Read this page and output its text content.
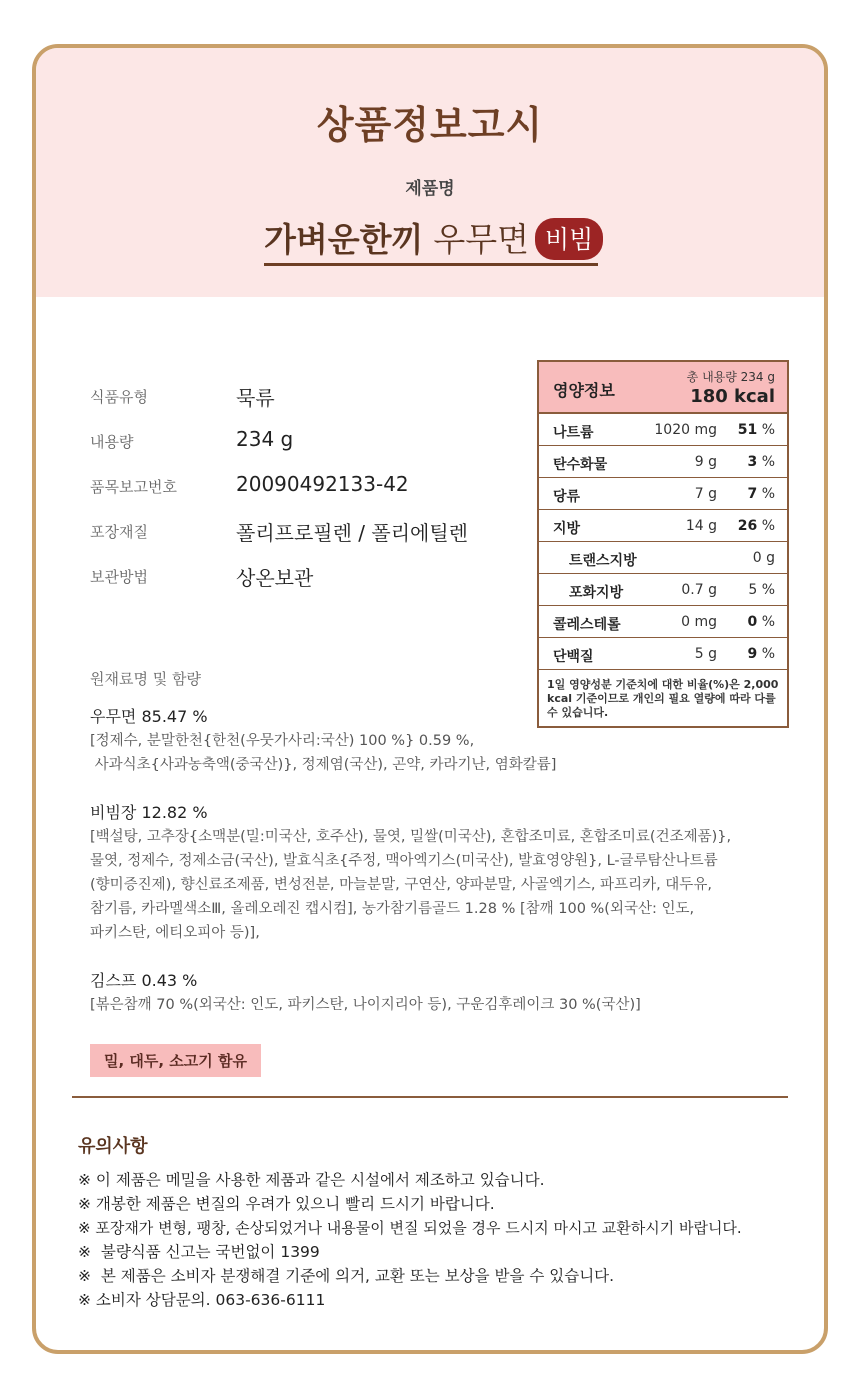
상품정보고시
제품명
가벼운한끼 우무면 비빔
식품유형	묵류
내용량	234 g
품목보고번호	20090492133-42
포장재질	폴리프로필렌 / 폴리에틸렌
보관방법	상온보관
영양정보
총 내용량 234 g
180 kcal
나트륨	1020 mg 51 %
탄수화물	9 g 3 %
당류	7 g 7 %
지방	14 g 26 %
트랜스지방	0 g
포화지방	0.7 g 5 %
콜레스테롤	0 mg 0 %
단백질	5 g 9 %
1일 영양성분 기준치에 대한 비율(%)은 2,000 kcal 기준이므로 개인의 필요 열량에 따라 다를 수 있습니다.
원재료명 및 함량
우무면 85.47 %
[정제수, 분말한천{한천(우뭇가사리:국산) 100 %} 0.59 %,
사과식초{사과농축액(중국산)}, 정제염(국산), 곤약, 카라기난, 염화칼륨]
비빔장 12.82 %
[백설탕, 고추장{소맥분(밀:미국산, 호주산), 물엿, 밀쌀(미국산), 혼합조미료, 혼합조미료(건조제품)},
물엿, 정제수, 정제소금(국산), 발효식초{주정, 맥아엑기스(미국산), 발효영양원}, L-글루탐산나트륨
(향미증진제), 향신료조제품, 변성전분, 마늘분말, 구연산, 양파분말, 사골엑기스, 파프리카, 대두유,
참기름, 카라멜색소Ⅲ, 올레오레진 캡시컴], 농가참기름골드 1.28 % [참깨 100 %(외국산: 인도,
파키스탄, 에티오피아 등)],
김스프 0.43 %
[볶은참깨 70 %(외국산: 인도, 파키스탄, 나이지리아 등), 구운김후레이크 30 %(국산)]
밀, 대두, 소고기 함유
유의사항
※ 이 제품은 메밀을 사용한 제품과 같은 시설에서 제조하고 있습니다.
※ 개봉한 제품은 변질의 우려가 있으니 빨리 드시기 바랍니다.
※ 포장재가 변형, 팽창, 손상되었거나 내용물이 변질 되었을 경우 드시지 마시고 교환하시기 바랍니다.
※  불량식품 신고는 국번없이 1399
※  본 제품은 소비자 분쟁해결 기준에 의거, 교환 또는 보상을 받을 수 있습니다.
※ 소비자 상담문의. 063-636-6111
